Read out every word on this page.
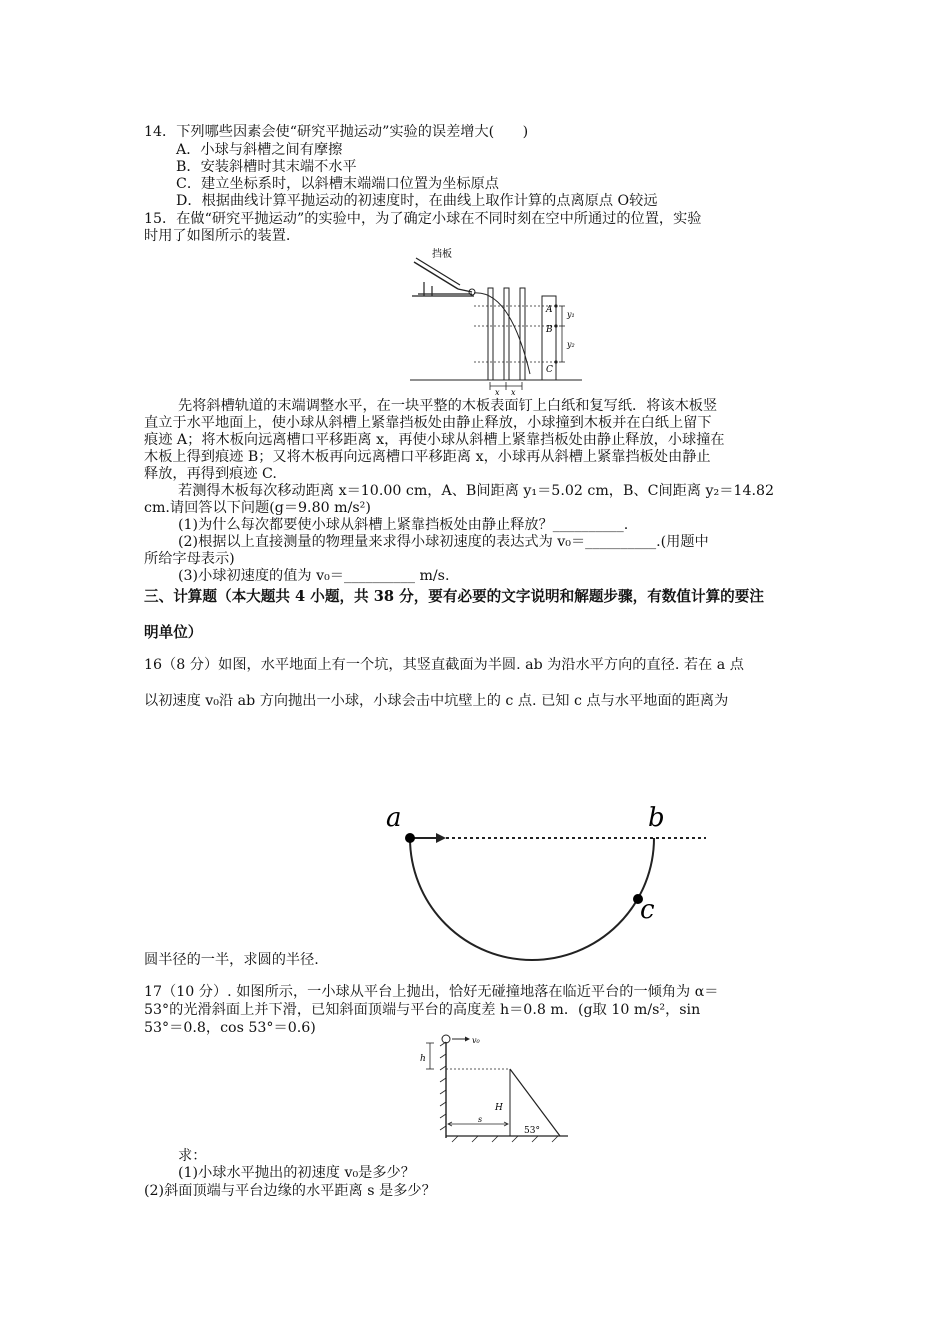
14．下列哪些因素会使“研究平抛运动”实验的误差增大(　　)
A．小球与斜槽之间有摩擦
B．安装斜槽时其末端不水平
C．建立坐标系时，以斜槽末端端口位置为坐标原点
D．根据曲线计算平抛运动的初速度时，在曲线上取作计算的点离原点 O较远
15．在做“研究平抛运动”的实验中，为了确定小球在不同时刻在空中所通过的位置，实验
时用了如图所示的装置.
挡板
A
B
C
y₁
y₂
x x
先将斜槽轨道的末端调整水平，在一块平整的木板表面钉上白纸和复写纸．将该木板竖
直立于水平地面上，使小球从斜槽上紧靠挡板处由静止释放，小球撞到木板并在白纸上留下
痕迹 A；将木板向远离槽口平移距离 x，再使小球从斜槽上紧靠挡板处由静止释放，小球撞在
木板上得到痕迹 B；又将木板再向远离槽口平移距离 x，小球再从斜槽上紧靠挡板处由静止
释放，再得到痕迹 C.
若测得木板每次移动距离 x＝10.00 cm，A、B间距离 y₁＝5.02 cm，B、C间距离 y₂＝14.82
cm.请回答以下问题(g＝9.80 m/s²)
(1)为什么每次都要使小球从斜槽上紧靠挡板处由静止释放？__________.
(2)根据以上直接测量的物理量来求得小球初速度的表达式为 v₀＝__________.(用题中
所给字母表示)
(3)小球初速度的值为 v₀＝__________ m/s.
三、计算题（本大题共 4 小题，共 38 分，要有必要的文字说明和解题步骤，有数值计算的要注
明单位）
16（8 分）如图，水平地面上有一个坑，其竖直截面为半圆. ab 为沿水平方向的直径. 若在 a 点
以初速度 v₀沿 ab 方向抛出一小球，小球会击中坑壁上的 c 点. 已知 c 点与水平地面的距离为
a	b
c
圆半径的一半，求圆的半径.
17（10 分）. 如图所示，一小球从平台上抛出，恰好无碰撞地落在临近平台的一倾角为 α＝
53°的光滑斜面上并下滑，已知斜面顶端与平台的高度差 h＝0.8 m．(g取 10 m/s²，sin
53°＝0.8，cos 53°＝0.6)
v₀
h
H
s
53°
求：
(1)小球水平抛出的初速度 v₀是多少？
(2)斜面顶端与平台边缘的水平距离 s 是多少？
